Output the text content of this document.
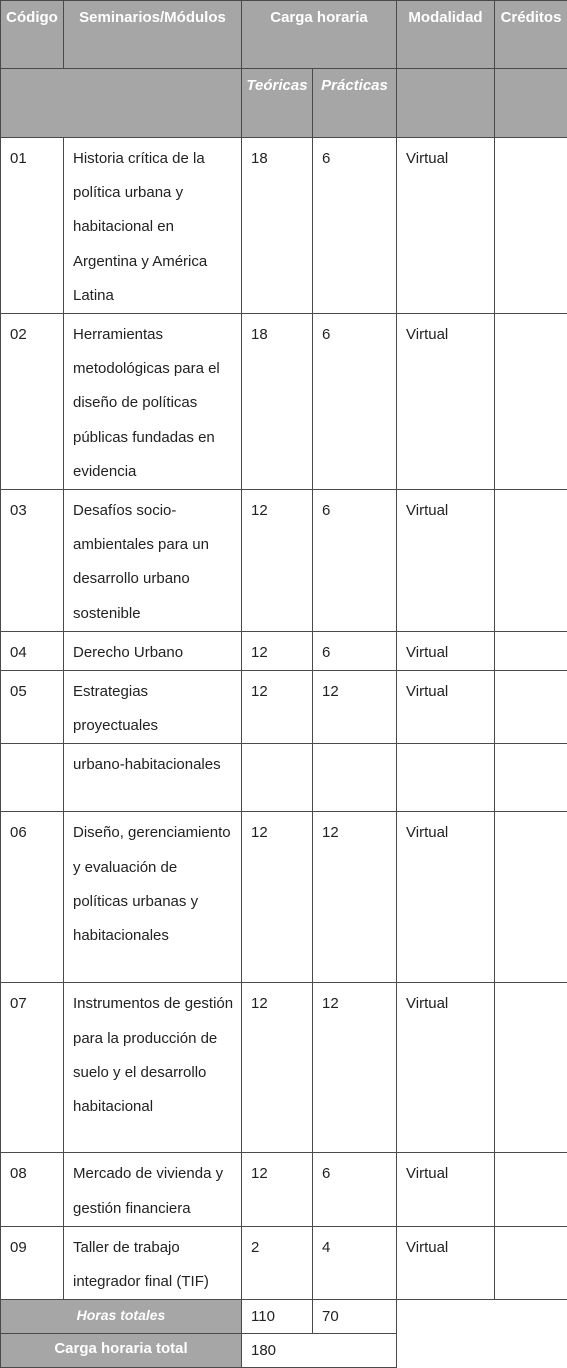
Código	Seminarios/Módulos	Carga horaria		Modalidad	Créditos
		Teóricas	Prácticas		
01	Historia crítica de la política urbana y habitacional en Argentina y América Latina	18	6	Virtual	
02	Herramientas metodológicas para el diseño de políticas públicas fundadas en evidencia	18	6	Virtual	
03	Desafíos socio-ambientales para un desarrollo urbano sostenible	12	6	Virtual	
04	Derecho Urbano	12	6	Virtual	
05	Estrategias proyectuales	12	12	Virtual	
	urbano-habitacionales				
06	Diseño, gerenciamiento y evaluación de políticas urbanas y habitacionales	12	12	Virtual	
07	Instrumentos de gestión para la producción de suelo y el desarrollo habitacional	12	12	Virtual	
08	Mercado de vivienda y gestión financiera	12	6	Virtual	
09	Taller de trabajo integrador final (TIF)	2	4	Virtual	
Horas totales		110	70		
Carga horaria total		180			
